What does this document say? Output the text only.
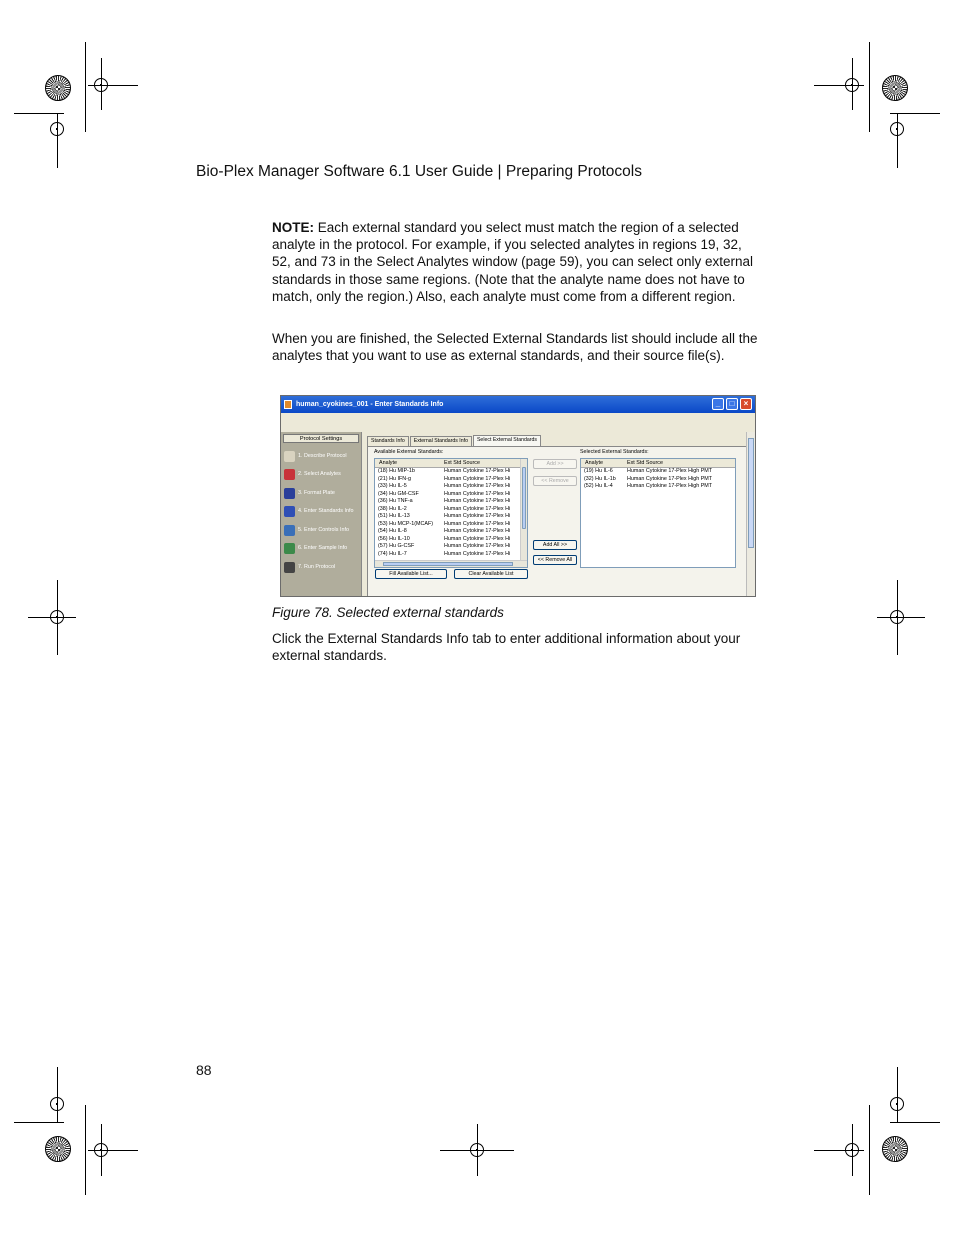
Bio-Plex Manager Software 6.1 User Guide | Preparing Protocols

NOTE: Each external standard you select must match the region of a selected analyte in the protocol. For example, if you selected analytes in regions 19, 32, 52, and 73 in the Select Analytes window (page 59), you can select only external standards in those same regions. (Note that the analyte name does not have to match, only the region.) Also, each analyte must come from a different region.

When you are finished, the Selected External Standards list should include all the analytes that you want to use as external standards, and their source file(s).

human_cyokines_001 - Enter Standards Info	_	□	×
Protocol Settings
1. Describe Protocol
2. Select Analytes
3. Format Plate
4. Enter Standards Info
5. Enter Controls Info
6. Enter Sample Info
7. Run Protocol
Standards Info	External Standards Info	Select External Standards
Available External Standards:
Analyte	Ext Std Source
(18) Hu MIP-1b	Human Cytokine 17-Plex Hi
(21) Hu IFN-g	Human Cytokine 17-Plex Hi
(33) Hu IL-5	Human Cytokine 17-Plex Hi
(34) Hu GM-CSF	Human Cytokine 17-Plex Hi
(36) Hu TNF-a	Human Cytokine 17-Plex Hi
(38) Hu IL-2	Human Cytokine 17-Plex Hi
(51) Hu IL-13	Human Cytokine 17-Plex Hi
(53) Hu MCP-1(MCAF)	Human Cytokine 17-Plex Hi
(54) Hu IL-8	Human Cytokine 17-Plex Hi
(56) Hu IL-10	Human Cytokine 17-Plex Hi
(57) Hu G-CSF	Human Cytokine 17-Plex Hi
(74) Hu IL-7	Human Cytokine 17-Plex Hi
Add >>
<< Remove
Add All >>
<< Remove All
Selected External Standards:
Analyte	Ext Std Source
(19) Hu IL-6	Human Cytokine 17-Plex High PMT
(32) Hu IL-1b	Human Cytokine 17-Plex High PMT
(52) Hu IL-4	Human Cytokine 17-Plex High PMT
Fill Available List...	Clear Available List
Figure 78. Selected external standards

Click the External Standards Info tab to enter additional information about your external standards.

88
